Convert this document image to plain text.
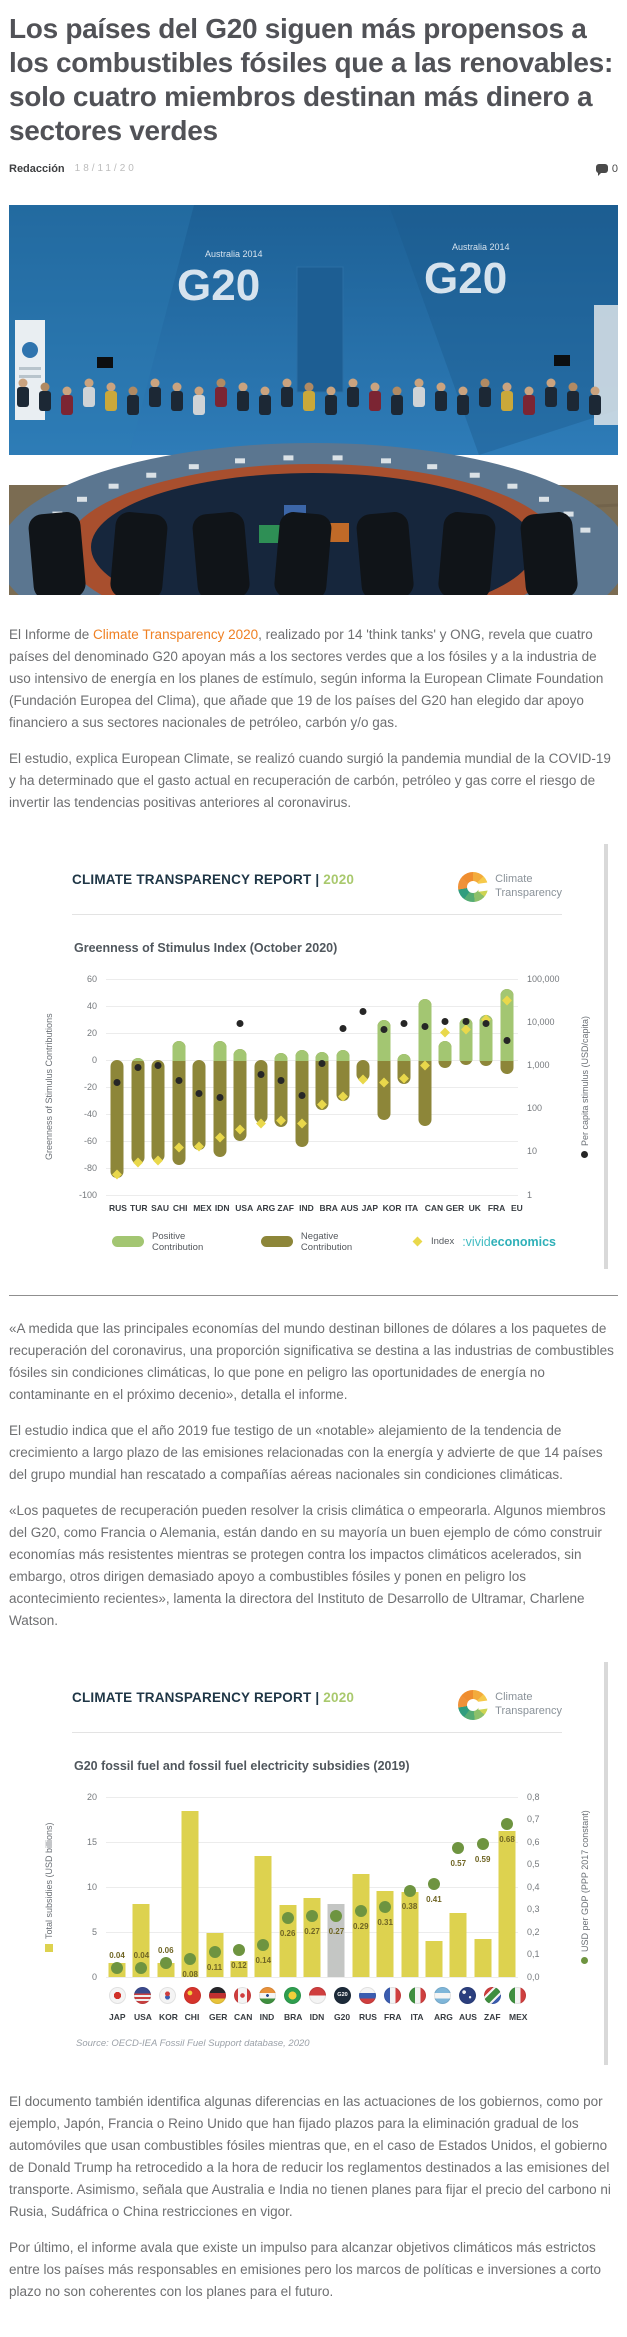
Los países del G20 siguen más propensos a los combustibles fósiles que a las renovables: solo cuatro miembros destinan más dinero a sectores verdes
Redacción 18/11/20	0
G20
Australia 2014	G20
Australia 2014

El Informe de Climate Transparency 2020, realizado por 14 'think tanks' y ONG, revela que cuatro países del denominado G20 apoyan más a los sectores verdes que a los fósiles y a la industria de uso intensivo de energía en los planes de estímulo, según informa la European Climate Foundation (Fundación Europea del Clima), que añade que 19 de los países del G20 han elegido dar apoyo financiero a sus sectores nacionales de petróleo, carbón y/o gas.

El estudio, explica European Climate, se realizó cuando surgió la pandemia mundial de la COVID-19 y ha determinado que el gasto actual en recuperación de carbón, petróleo y gas corre el riesgo de invertir las tendencias positivas anteriores al coronavirus.

CLIMATE TRANSPARENCY REPORT | 2020	Climate
Transparency
Greenness of Stimulus Index (October 2020)
Greenness of Stimulus Contributions	Per capita stimulus (USD/capita)
60
40
20
0
-20
-40
-60
-80
-100
100,000
10,000
1,000
100
10
1
RUS TUR SAU CHI MEX IDN USA ARG ZAF IND BRA AUS JAP KOR ITA CAN GER UK FRA EU
Positive Contribution
Negative Contribution	Index :vivideconomics

«A medida que las principales economías del mundo destinan billones de dólares a los paquetes de recuperación del coronavirus, una proporción significativa se destina a las industrias de combustibles fósiles sin condiciones climáticas, lo que pone en peligro las oportunidades de energía no contaminante en el próximo decenio», detalla el informe.

El estudio indica que el año 2019 fue testigo de un «notable» alejamiento de la tendencia de crecimiento a largo plazo de las emisiones relacionadas con la energía y advierte de que 14 países del grupo mundial han rescatado a compañías aéreas nacionales sin condiciones climáticas.

«Los paquetes de recuperación pueden resolver la crisis climática o empeorarla. Algunos miembros del G20, como Francia o Alemania, están dando en su mayoría un buen ejemplo de cómo construir economías más resistentes mientras se protegen contra los impactos climáticos acelerados, sin embargo, otros dirigen demasiado apoyo a combustibles fósiles y ponen en peligro los acontecimiento recientes», lamenta la directora del Instituto de Desarrollo de Ultramar, Charlene Watson.

CLIMATE TRANSPARENCY REPORT | 2020	Climate
Transparency
G20 fossil fuel and fossil fuel electricity subsidies (2019)
Total subsidies (USD billions)	USD per GDP (PPP 2017 constant)
20
15
10
5
0
0,8
0,7
0,6
0,5
0,4
0,3
0,2
0,1
0,0
0.04 0.04 0.06
0.08
0.11 0.12 0.14
0.26 0.27 0.27 0.29 0.31
0.38
0.41
0.57 0.59
0.68
G20
JAP USA KOR CHI GER CAN IND BRA IDN G20 RUS FRA ITA ARG AUS ZAF MEX
Source: OECD-IEA Fossil Fuel Support database, 2020

El documento también identifica algunas diferencias en las actuaciones de los gobiernos, como por ejemplo, Japón, Francia o Reino Unido que han fijado plazos para la eliminación gradual de los automóviles que usan combustibles fósiles mientras que, en el caso de Estados Unidos, el gobierno de Donald Trump ha retrocedido a la hora de reducir los reglamentos destinados a las emisiones del transporte. Asimismo, señala que Australia e India no tienen planes para fijar el precio del carbono ni Rusia, Sudáfrica o China restricciones en vigor.

Por último, el informe avala que existe un impulso para alcanzar objetivos climáticos más estrictos entre los países más responsables en emisiones pero los marcos de políticas e inversiones a corto plazo no son coherentes con los planes para el futuro.
